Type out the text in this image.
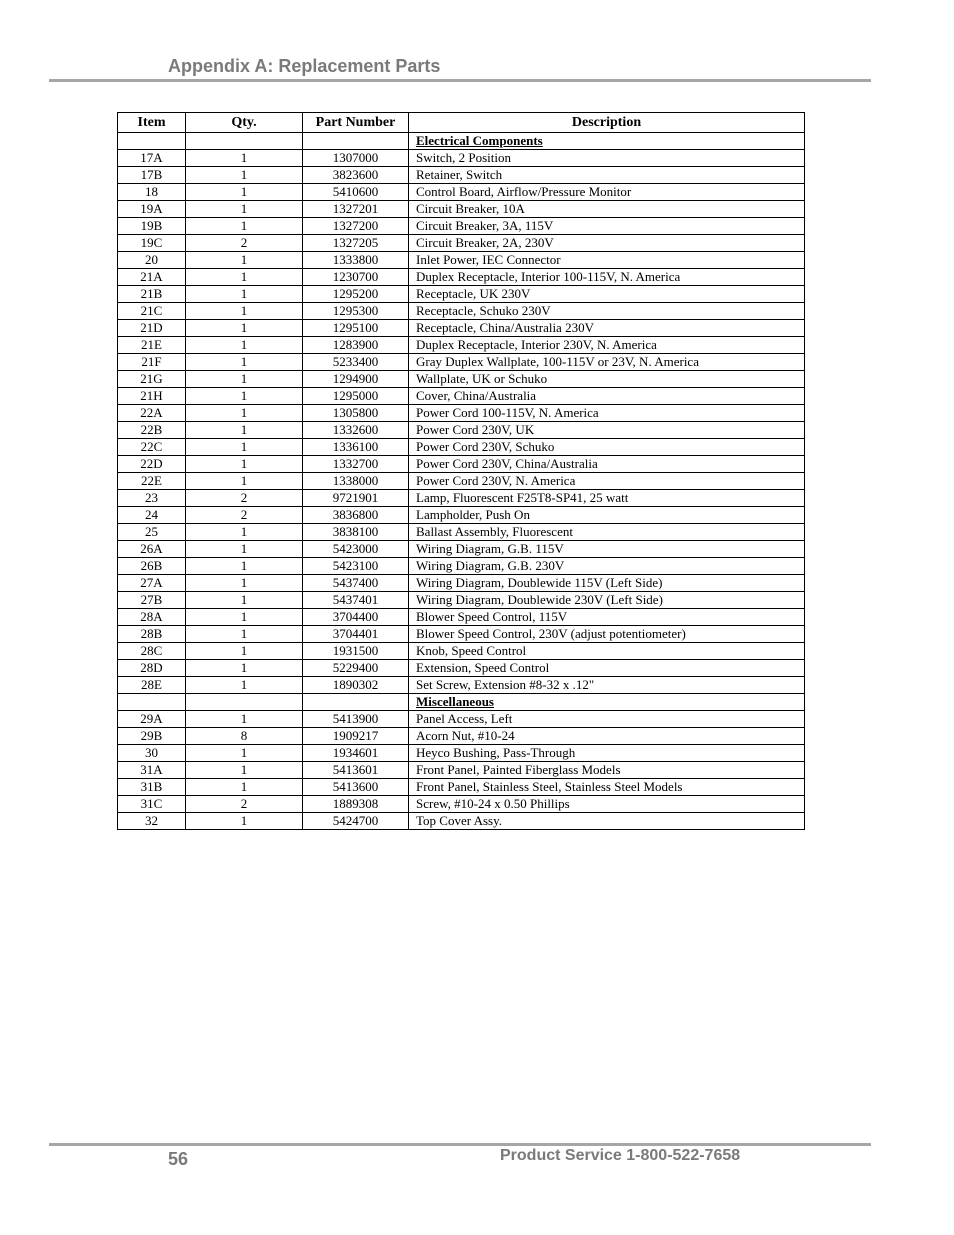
Appendix A: Replacement Parts
Item	Qty.	Part Number	Description
			Electrical Components
17A	1	1307000	Switch, 2 Position
17B	1	3823600	Retainer, Switch
18	1	5410600	Control Board, Airflow/Pressure Monitor
19A	1	1327201	Circuit Breaker, 10A
19B	1	1327200	Circuit Breaker, 3A, 115V
19C	2	1327205	Circuit Breaker, 2A, 230V
20	1	1333800	Inlet Power, IEC Connector
21A	1	1230700	Duplex Receptacle, Interior 100-115V, N. America
21B	1	1295200	Receptacle, UK 230V
21C	1	1295300	Receptacle, Schuko 230V
21D	1	1295100	Receptacle, China/Australia 230V
21E	1	1283900	Duplex Receptacle, Interior 230V, N. America
21F	1	5233400	Gray Duplex Wallplate, 100-115V or 23V, N. America
21G	1	1294900	Wallplate, UK or Schuko
21H	1	1295000	Cover, China/Australia
22A	1	1305800	Power Cord 100-115V, N. America
22B	1	1332600	Power Cord 230V, UK
22C	1	1336100	Power Cord 230V, Schuko
22D	1	1332700	Power Cord 230V, China/Australia
22E	1	1338000	Power Cord 230V, N. America
23	2	9721901	Lamp, Fluorescent F25T8-SP41, 25 watt
24	2	3836800	Lampholder, Push On
25	1	3838100	Ballast Assembly, Fluorescent
26A	1	5423000	Wiring Diagram, G.B. 115V
26B	1	5423100	Wiring Diagram, G.B. 230V
27A	1	5437400	Wiring Diagram, Doublewide 115V (Left Side)
27B	1	5437401	Wiring Diagram, Doublewide 230V (Left Side)
28A	1	3704400	Blower Speed Control, 115V
28B	1	3704401	Blower Speed Control, 230V (adjust potentiometer)
28C	1	1931500	Knob, Speed Control
28D	1	5229400	Extension, Speed Control
28E	1	1890302	Set Screw, Extension #8-32 x .12"
			Miscellaneous
29A	1	5413900	Panel Access, Left
29B	8	1909217	Acorn Nut, #10-24
30	1	1934601	Heyco Bushing, Pass-Through
31A	1	5413601	Front Panel, Painted Fiberglass Models
31B	1	5413600	Front Panel, Stainless Steel, Stainless Steel Models
31C	2	1889308	Screw, #10-24 x 0.50 Phillips
32	1	5424700	Top Cover Assy.
56	Product Service 1-800-522-7658
